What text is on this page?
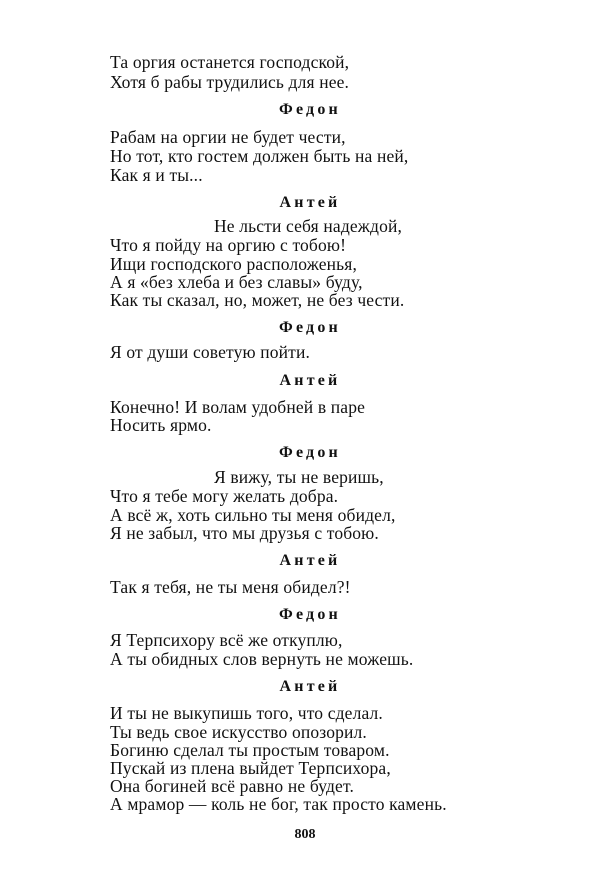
Та оргия останется господской,
Хотя б рабы трудились для нее.
Федон
Рабам на оргии не будет чести,
Но тот, кто гостем должен быть на ней,
Как я и ты...
Антей
Не льсти себя надеждой,
Что я пойду на оргию с тобою!
Ищи господского расположенья,
А я «без хлеба и без славы» буду,
Как ты сказал, но, может, не без чести.
Федон
Я от души советую пойти.
Антей
Конечно! И волам удобней в паре
Носить ярмо.
Федон
Я вижу, ты не веришь,
Что я тебе могу желать добра.
А всё ж, хоть сильно ты меня обидел,
Я не забыл, что мы друзья с тобою.
Антей
Так я тебя, не ты меня обидел?!
Федон
Я Терпсихору всё же откуплю,
А ты обидных слов вернуть не можешь.
Антей
И ты не выкупишь того, что сделал.
Ты ведь свое искусство опозорил.
Богиню сделал ты простым товаром.
Пускай из плена выйдет Терпсихора,
Она богиней всё равно не будет.
А мрамор — коль не бог, так просто камень.
808
